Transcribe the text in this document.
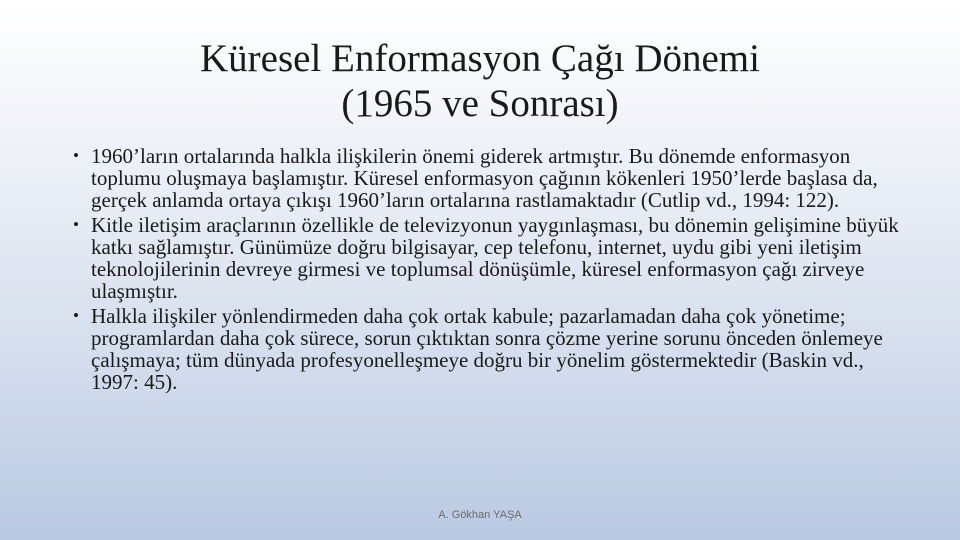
Küresel Enformasyon Çağı Dönemi
(1965 ve Sonrası)
• 1960’ların ortalarında halkla ilişkilerin önemi giderek artmıştır. Bu dönemde enformasyon toplumu oluşmaya başlamıştır. Küresel enformasyon çağının kökenleri 1950’lerde başlasa da, gerçek anlamda ortaya çıkışı 1960’ların ortalarına rastlamaktadır (Cutlip vd., 1994: 122).
• Kitle iletişim araçlarının özellikle de televizyonun yaygınlaşması, bu dönemin gelişimine büyük katkı sağlamıştır. Günümüze doğru bilgisayar, cep telefonu, internet, uydu gibi yeni iletişim teknolojilerinin devreye girmesi ve toplumsal dönüşümle, küresel enformasyon çağı zirveye ulaşmıştır.
• Halkla ilişkiler yönlendirmeden daha çok ortak kabule; pazarlamadan daha çok yönetime; programlardan daha çok sürece, sorun çıktıktan sonra çözme yerine sorunu önceden önlemeye çalışmaya; tüm dünyada profesyonelleşmeye doğru bir yönelim göstermektedir (Baskin vd., 1997: 45).
A. Gökhan YAŞA
